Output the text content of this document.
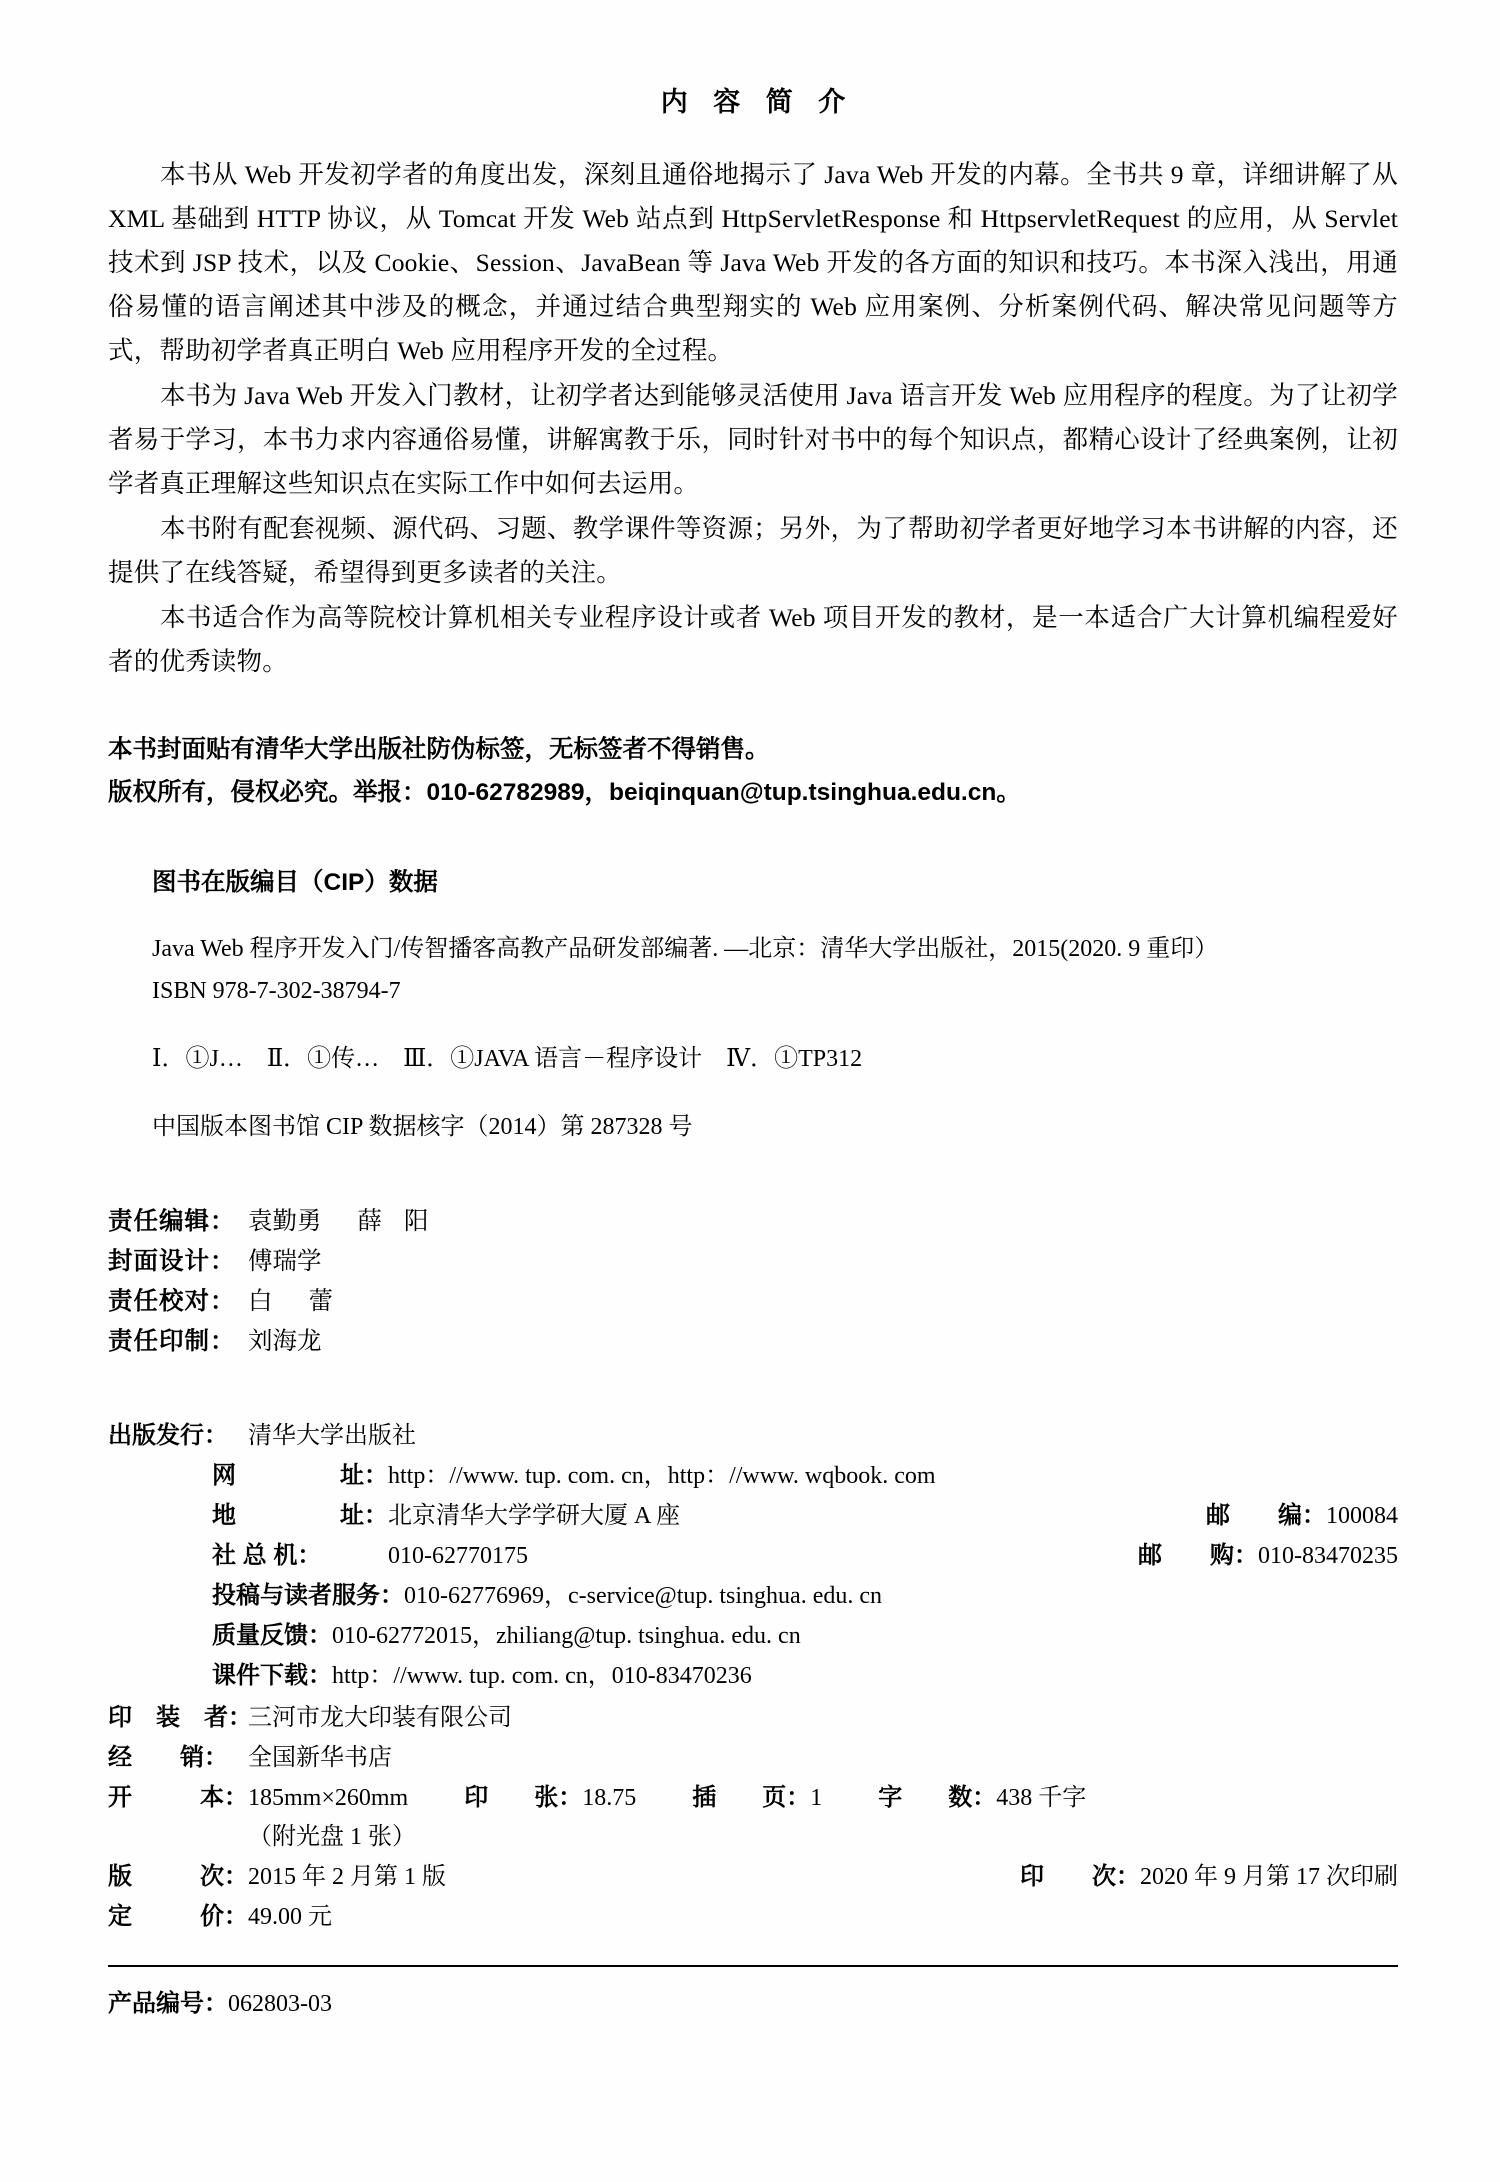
内 容 简 介

本书从 Web 开发初学者的角度出发，深刻且通俗地揭示了 Java Web 开发的内幕。全书共 9 章，详细讲解了从 XML 基础到 HTTP 协议，从 Tomcat 开发 Web 站点到 HttpServletResponse 和 HttpservletRequest 的应用，从 Servlet 技术到 JSP 技术，以及 Cookie、Session、JavaBean 等 Java Web 开发的各方面的知识和技巧。本书深入浅出，用通俗易懂的语言阐述其中涉及的概念，并通过结合典型翔实的 Web 应用案例、分析案例代码、解决常见问题等方式，帮助初学者真正明白 Web 应用程序开发的全过程。

本书为 Java Web 开发入门教材，让初学者达到能够灵活使用 Java 语言开发 Web 应用程序的程度。为了让初学者易于学习，本书力求内容通俗易懂，讲解寓教于乐，同时针对书中的每个知识点，都精心设计了经典案例，让初学者真正理解这些知识点在实际工作中如何去运用。

本书附有配套视频、源代码、习题、教学课件等资源；另外，为了帮助初学者更好地学习本书讲解的内容，还提供了在线答疑，希望得到更多读者的关注。

本书适合作为高等院校计算机相关专业程序设计或者 Web 项目开发的教材，是一本适合广大计算机编程爱好者的优秀读物。

本书封面贴有清华大学出版社防伪标签，无标签者不得销售。
版权所有，侵权必究。举报：010-62782989，beiqinquan@tup.tsinghua.edu.cn。
图书在版编目（CIP）数据
Java Web 程序开发入门/传智播客高教产品研发部编著. —北京：清华大学出版社，2015(2020. 9 重印）
ISBN 978-7-302-38794-7
Ⅰ．①J…　Ⅱ．①传…　Ⅲ．①JAVA 语言－程序设计　Ⅳ．①TP312
中国版本图书馆 CIP 数据核字（2014）第 287328 号
责任编辑： 袁勤勇 薛 阳
封面设计： 傅瑞学
责任校对： 白 蕾
责任印制： 刘海龙
出版发行： 清华大学出版社
网	址： http：//www. tup. com. cn，http：//www. wqbook. com
地	址： 北京清华大学学研大厦 A 座	邮 编： 100084
社 总 机：	010-62770175	邮 购： 010-83470235
投稿与读者服务： 010-62776969，c-service@tup. tsinghua. edu. cn
质量反馈： 010-62772015，zhiliang@tup. tsinghua. edu. cn
课件下载： http：//www. tup. com. cn，010-83470236
印　装　者：
三河市龙大印装有限公司
经　　销： 全国新华书店
开	本： 185mm×260mm 印 张： 18.75 插 页： 1 字 数： 438 千字
（附光盘 1 张）
版	次： 2015 年 2 月第 1 版	印 次： 2020 年 9 月第 17 次印刷
定	价： 49.00 元
产品编号：062803-03
